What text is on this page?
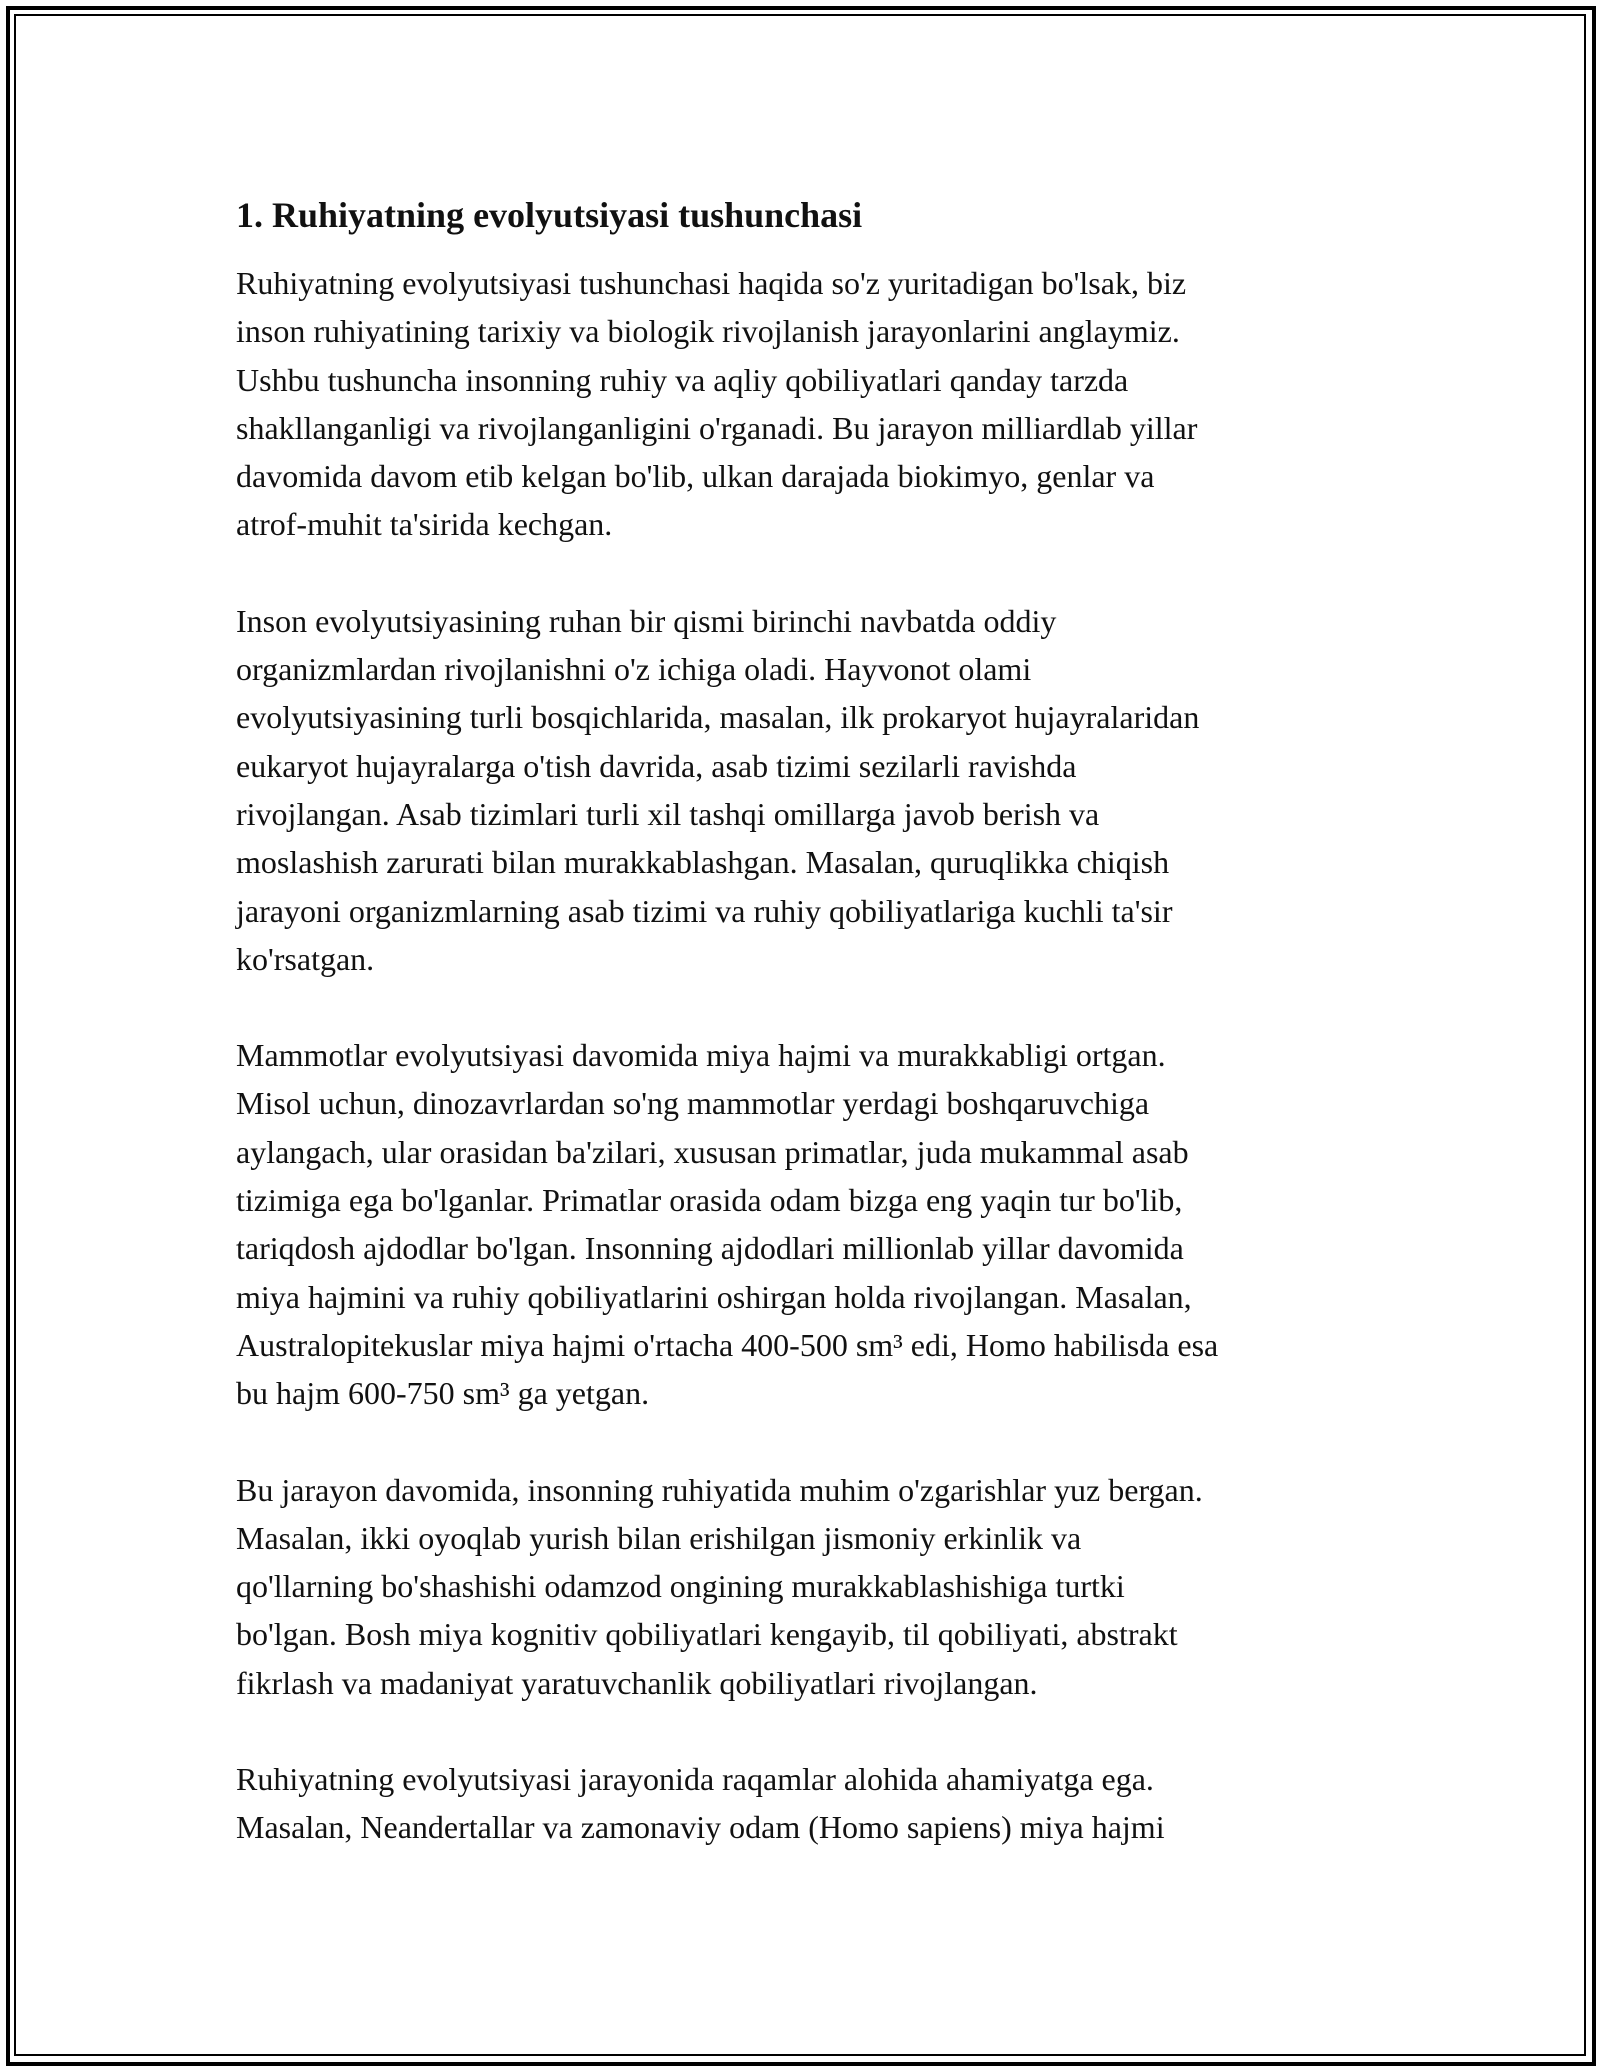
1. Ruhiyatning evolyutsiyasi tushunchasi

Ruhiyatning evolyutsiyasi tushunchasi haqida so'z yuritadigan bo'lsak, biz
inson ruhiyatining tarixiy va biologik rivojlanish jarayonlarini anglaymiz.
Ushbu tushuncha insonning ruhiy va aqliy qobiliyatlari qanday tarzda
shakllanganligi va rivojlanganligini o'rganadi. Bu jarayon milliardlab yillar
davomida davom etib kelgan bo'lib, ulkan darajada biokimyo, genlar va
atrof-muhit ta'sirida kechgan.

Inson evolyutsiyasining ruhan bir qismi birinchi navbatda oddiy
organizmlardan rivojlanishni o'z ichiga oladi. Hayvonot olami
evolyutsiyasining turli bosqichlarida, masalan, ilk prokaryot hujayralaridan
eukaryot hujayralarga o'tish davrida, asab tizimi sezilarli ravishda
rivojlangan. Asab tizimlari turli xil tashqi omillarga javob berish va
moslashish zarurati bilan murakkablashgan. Masalan, quruqlikka chiqish
jarayoni organizmlarning asab tizimi va ruhiy qobiliyatlariga kuchli ta'sir
ko'rsatgan.

Mammotlar evolyutsiyasi davomida miya hajmi va murakkabligi ortgan.
Misol uchun, dinozavrlardan so'ng mammotlar yerdagi boshqaruvchiga
aylangach, ular orasidan ba'zilari, xususan primatlar, juda mukammal asab
tizimiga ega bo'lganlar. Primatlar orasida odam bizga eng yaqin tur bo'lib,
tariqdosh ajdodlar bo'lgan. Insonning ajdodlari millionlab yillar davomida
miya hajmini va ruhiy qobiliyatlarini oshirgan holda rivojlangan. Masalan,
Australopitekuslar miya hajmi o'rtacha 400-500 sm³ edi, Homo habilisda esa
bu hajm 600-750 sm³ ga yetgan.

Bu jarayon davomida, insonning ruhiyatida muhim o'zgarishlar yuz bergan.
Masalan, ikki oyoqlab yurish bilan erishilgan jismoniy erkinlik va
qo'llarning bo'shashishi odamzod ongining murakkablashishiga turtki
bo'lgan. Bosh miya kognitiv qobiliyatlari kengayib, til qobiliyati, abstrakt
fikrlash va madaniyat yaratuvchanlik qobiliyatlari rivojlangan.

Ruhiyatning evolyutsiyasi jarayonida raqamlar alohida ahamiyatga ega.
Masalan, Neandertallar va zamonaviy odam (Homo sapiens) miya hajmi
